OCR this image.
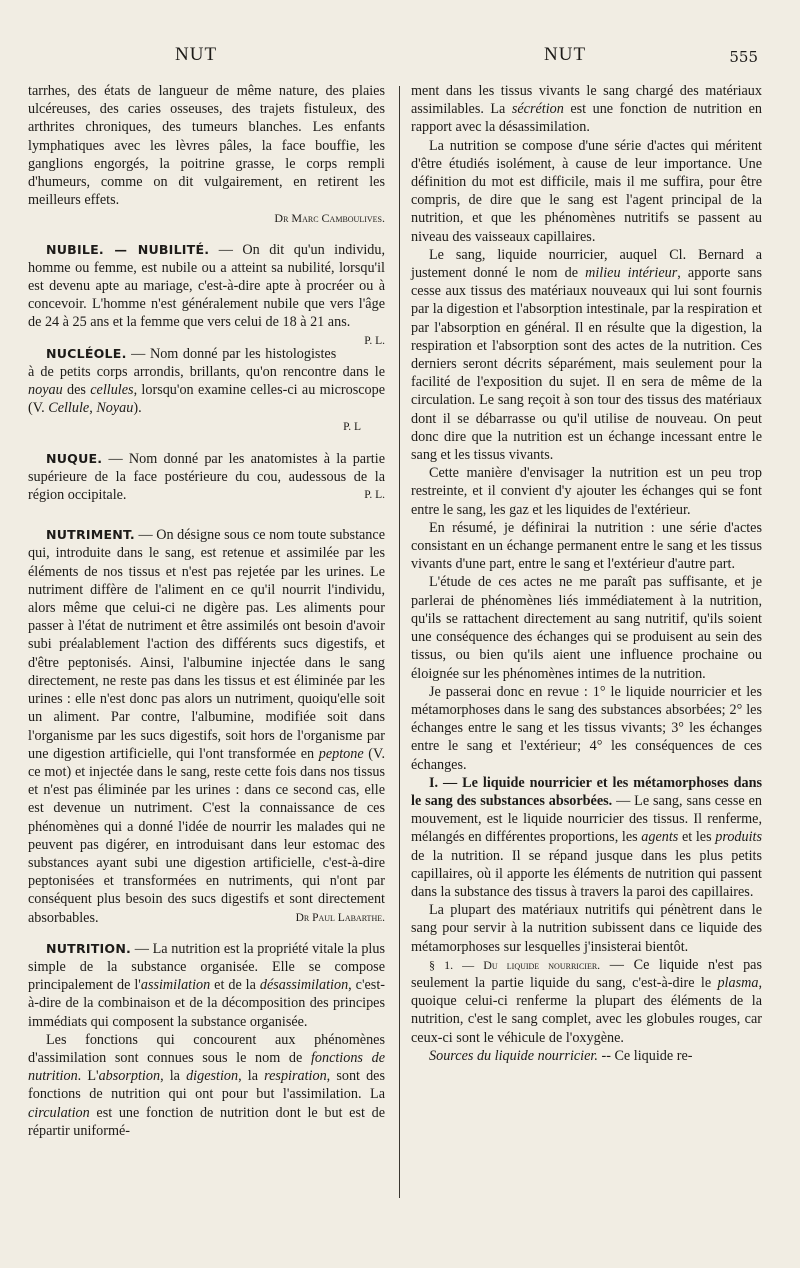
NUT	NUT	555

tarrhes, des états de langueur de même nature, des plaies ulcéreuses, des caries osseuses, des trajets fistuleux, des arthrites chroniques, des tumeurs blanches. Les enfants lymphatiques avec les lèvres pâles, la face bouffie, les ganglions engorgés, la poitrine grasse, le corps rempli d'humeurs, comme on dit vulgairement, en retirent les meilleurs effets.

Dr Marc Camboulives.

NUBILE. — NUBILITÉ. — On dit qu'un individu, homme ou femme, est nubile ou a atteint sa nubilité, lorsqu'il est devenu apte au mariage, c'est-à-dire apte à procréer ou à concevoir. L'homme n'est généralement nubile que vers l'âge de 24 à 25 ans et la femme que vers celui de 18 à 21 ans.
P. L.

NUCLÉOLE. — Nom donné par les histologistes à de petits corps arrondis, brillants, qu'on rencontre dans le noyau des cellules, lorsqu'on examine celles-ci au microscope (V. Cellule, Noyau).

P. L

NUQUE. — Nom donné par les anatomistes à la partie supérieure de la face postérieure du cou, audessous de la région occipitale.	P. L.

NUTRIMENT. — On désigne sous ce nom toute substance qui, introduite dans le sang, est retenue et assimilée par les éléments de nos tissus et n'est pas rejetée par les urines. Le nutriment diffère de l'aliment en ce qu'il nourrit l'individu, alors même que celui-ci ne digère pas. Les aliments pour passer à l'état de nutriment et être assimilés ont besoin d'avoir subi préalablement l'action des différents sucs digestifs, et d'être peptonisés. Ainsi, l'albumine injectée dans le sang directement, ne reste pas dans les tissus et est éliminée par les urines : elle n'est donc pas alors un nutriment, quoiqu'elle soit un aliment. Par contre, l'albumine, modifiée soit dans l'organisme par les sucs digestifs, soit hors de l'organisme par une digestion artificielle, qui l'ont transformée en peptone (V. ce mot) et injectée dans le sang, reste cette fois dans nos tissus et n'est pas éliminée par les urines : dans ce second cas, elle est devenue un nutriment. C'est la connaissance de ces phénomènes qui a donné l'idée de nourrir les malades qui ne peuvent pas digérer, en introduisant dans leur estomac des substances ayant subi une digestion artificielle, c'est-à-dire peptonisées et transformées en nutriments, qui n'ont par conséquent plus besoin des sucs digestifs et sont directement absorbables.	Dr Paul Labarthe.

NUTRITION. — La nutrition est la propriété vitale la plus simple de la substance organisée. Elle se compose principalement de l'assimilation et de la désassimilation, c'est-à-dire de la combinaison et de la décomposition des principes immédiats qui composent la substance organisée.

Les fonctions qui concourent aux phénomènes d'assimilation sont connues sous le nom de fonctions de nutrition. L'absorption, la digestion, la respiration, sont des fonctions de nutrition qui ont pour but l'assimilation. La circulation est une fonction de nutrition dont le but est de répartir uniformé-

ment dans les tissus vivants le sang chargé des matériaux assimilables. La sécrétion est une fonction de nutrition en rapport avec la désassimilation.

La nutrition se compose d'une série d'actes qui méritent d'être étudiés isolément, à cause de leur importance. Une définition du mot est difficile, mais il me suffira, pour être compris, de dire que le sang est l'agent principal de la nutrition, et que les phénomènes nutritifs se passent au niveau des vaisseaux capillaires.

Le sang, liquide nourricier, auquel Cl. Bernard a justement donné le nom de milieu intérieur, apporte sans cesse aux tissus des matériaux nouveaux qui lui sont fournis par la digestion et l'absorption intestinale, par la respiration et par l'absorption en général. Il en résulte que la digestion, la respiration et l'absorption sont des actes de la nutrition. Ces derniers seront décrits séparément, mais seulement pour la facilité de l'exposition du sujet. Il en sera de même de la circulation. Le sang reçoit à son tour des tissus des matériaux dont il se débarrasse ou qu'il utilise de nouveau. On peut donc dire que la nutrition est un échange incessant entre le sang et les tissus vivants.

Cette manière d'envisager la nutrition est un peu trop restreinte, et il convient d'y ajouter les échanges qui se font entre le sang, les gaz et les liquides de l'extérieur.

En résumé, je définirai la nutrition : une série d'actes consistant en un échange permanent entre le sang et les tissus vivants d'une part, entre le sang et l'extérieur d'autre part.

L'étude de ces actes ne me paraît pas suffisante, et je parlerai de phénomènes liés immédiatement à la nutrition, qu'ils se rattachent directement au sang nutritif, qu'ils soient une conséquence des échanges qui se produisent au sein des tissus, ou bien qu'ils aient une influence prochaine ou éloignée sur les phénomènes intimes de la nutrition.

Je passerai donc en revue : 1° le liquide nourricier et les métamorphoses dans le sang des substances absorbées; 2° les échanges entre le sang et les tissus vivants; 3° les échanges entre le sang et l'extérieur; 4° les conséquences de ces échanges.

I. — Le liquide nourricier et les métamorphoses dans le sang des substances absorbées. — Le sang, sans cesse en mouvement, est le liquide nourricier des tissus. Il renferme, mélangés en différentes proportions, les agents et les produits de la nutrition. Il se répand jusque dans les plus petits capillaires, où il apporte les éléments de nutrition qui passent dans la substance des tissus à travers la paroi des capillaires.

La plupart des matériaux nutritifs qui pénètrent dans le sang pour servir à la nutrition subissent dans ce liquide des métamorphoses sur lesquelles j'insisterai bientôt.

§ 1. — Du liquide nourricier. — Ce liquide n'est pas seulement la partie liquide du sang, c'est-à-dire le plasma, quoique celui-ci renferme la plupart des éléments de la nutrition, c'est le sang complet, avec les globules rouges, car ceux-ci sont le véhicule de l'oxygène.

Sources du liquide nourricier. -- Ce liquide re-
